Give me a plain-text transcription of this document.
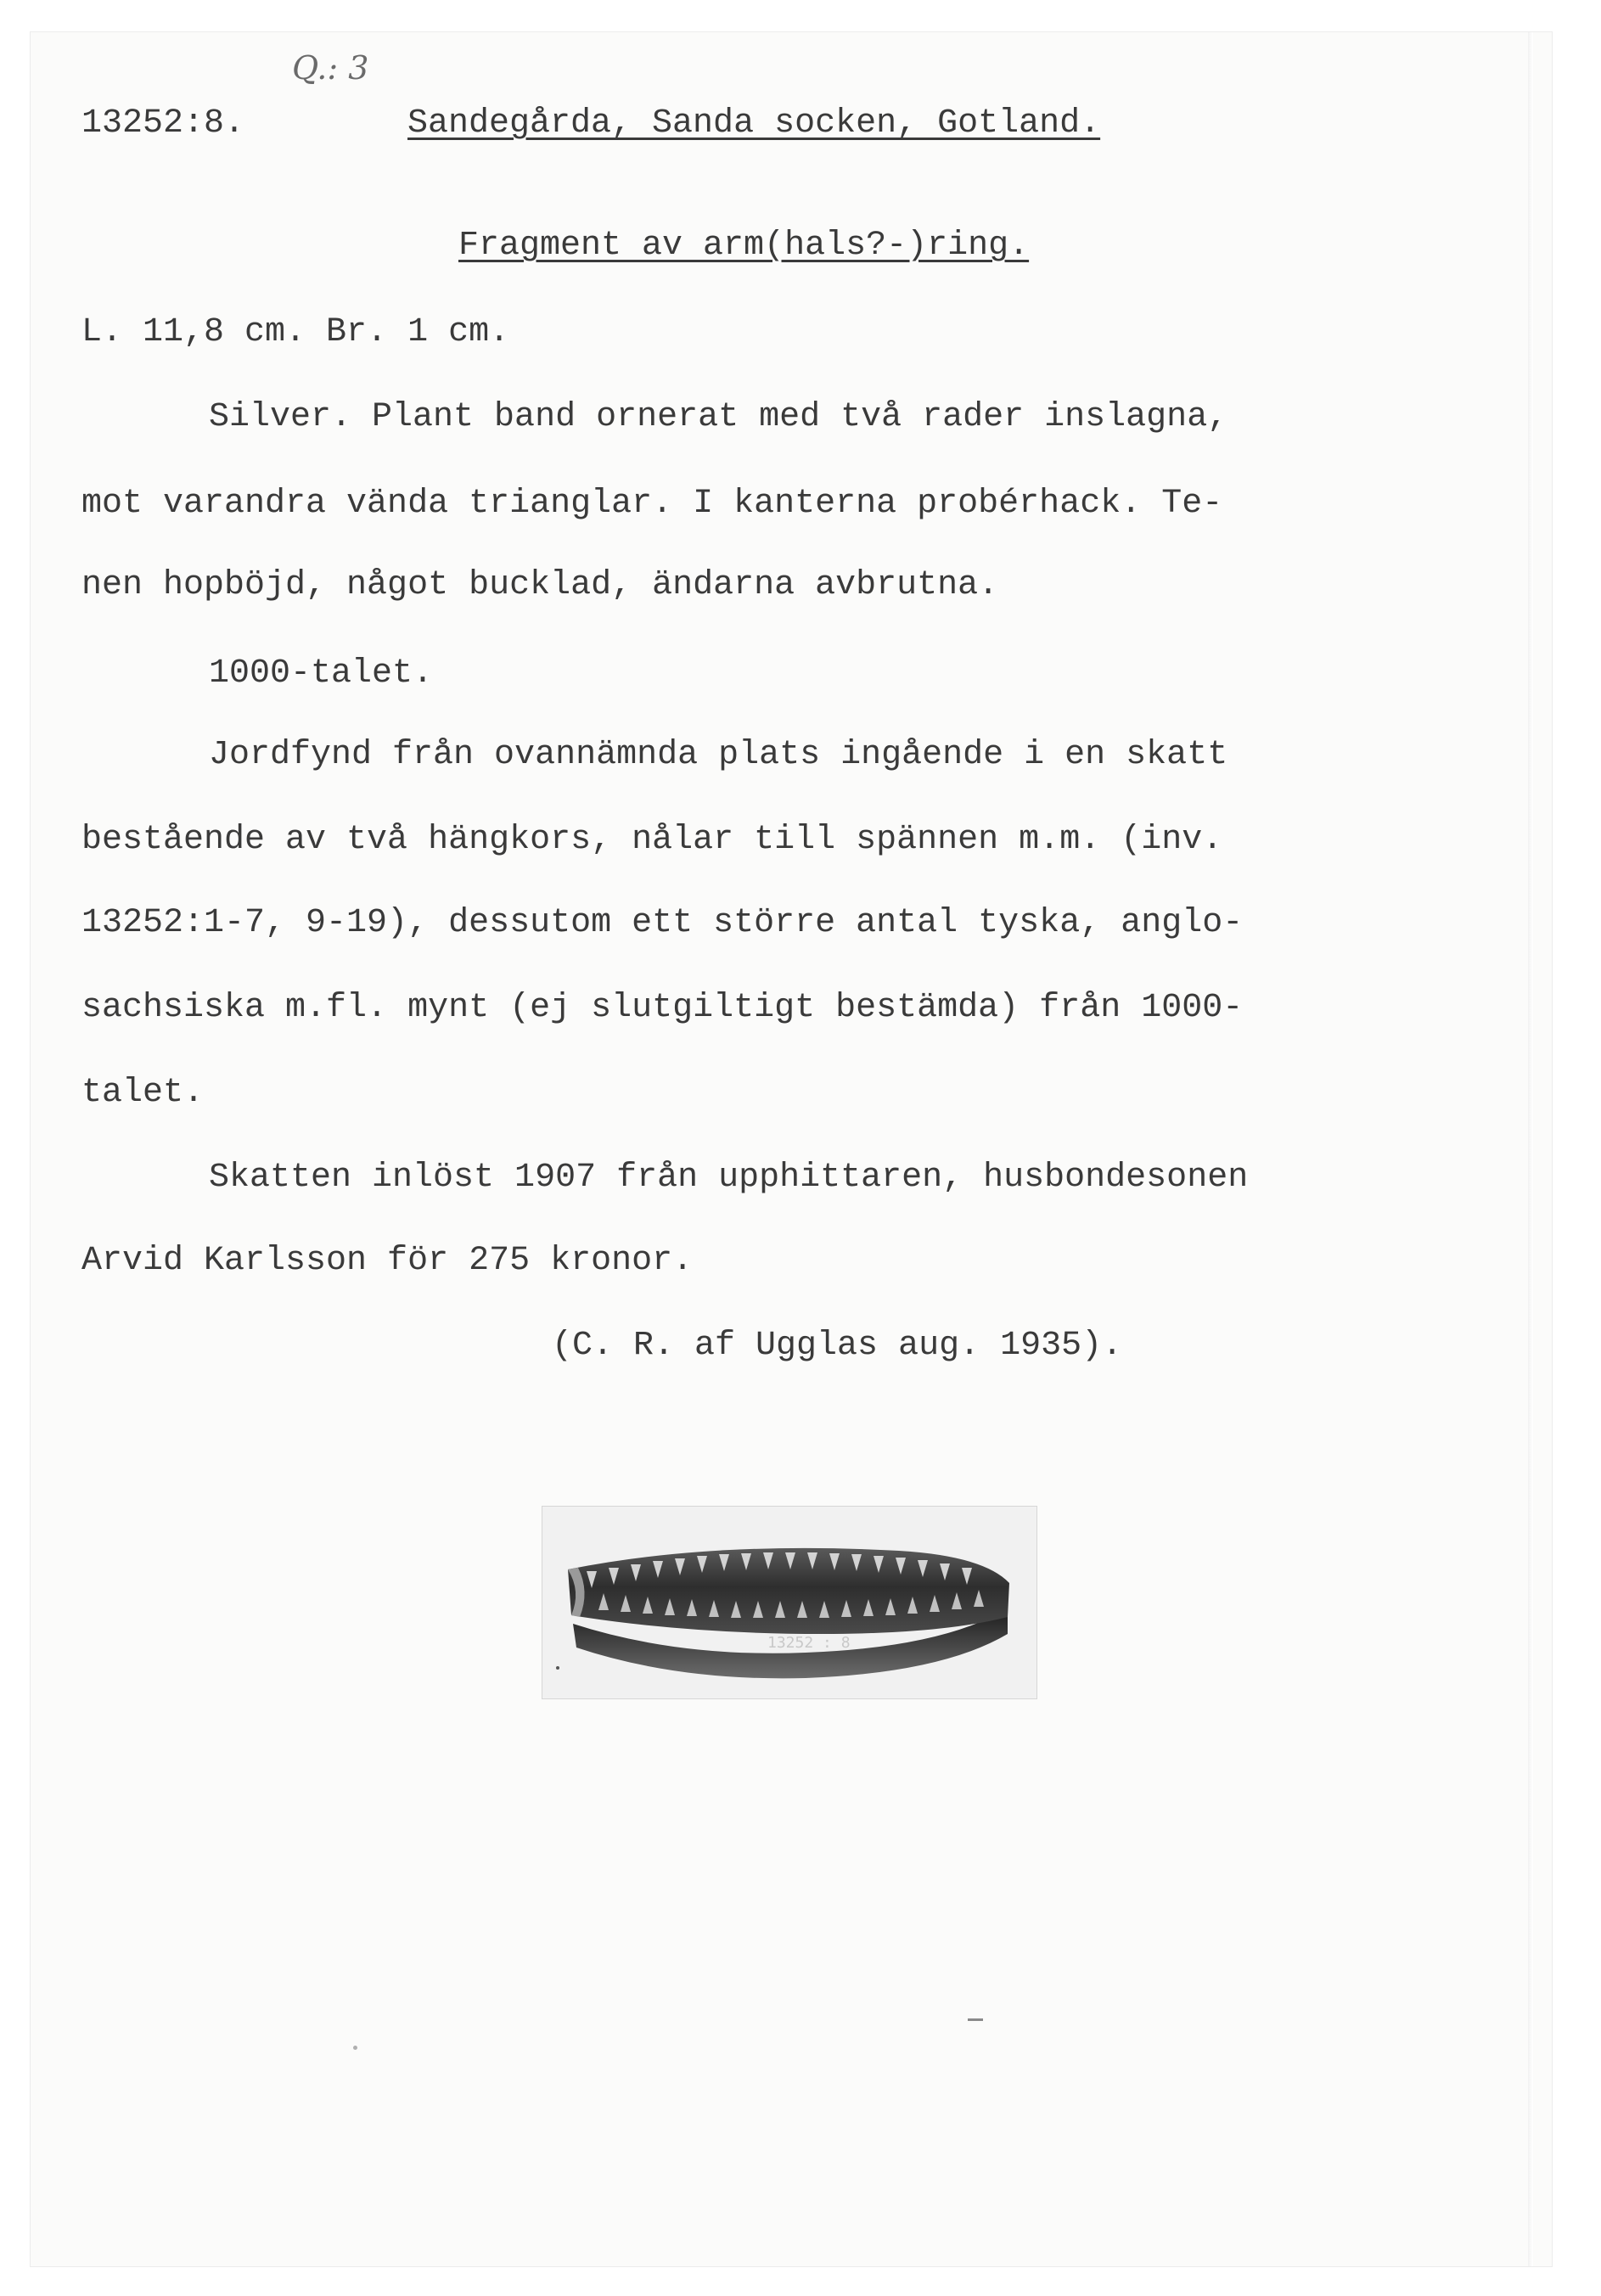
Q.: 3

13252:8.	Sandegårda, Sanda socken, Gotland.

Fragment av arm(hals?-)ring.

L. 11,8 cm. Br. 1 cm.

Silver. Plant band ornerat med två rader inslagna,

mot varandra vända trianglar. I kanterna probérhack. Te-

nen hopböjd, något bucklad, ändarna avbrutna.

1000-talet.

Jordfynd från ovannämnda plats ingående i en skatt

bestående av två hängkors, nålar till spännen m.m. (inv.

13252:1-7, 9-19), dessutom ett större antal tyska, anglo-

sachsiska m.fl. mynt (ej slutgiltigt bestämda) från 1000-

talet.

Skatten inlöst 1907 från upphittaren, husbondesonen

Arvid Karlsson för 275 kronor.

(C. R. af Ugglas aug. 1935).

13252 : 8
